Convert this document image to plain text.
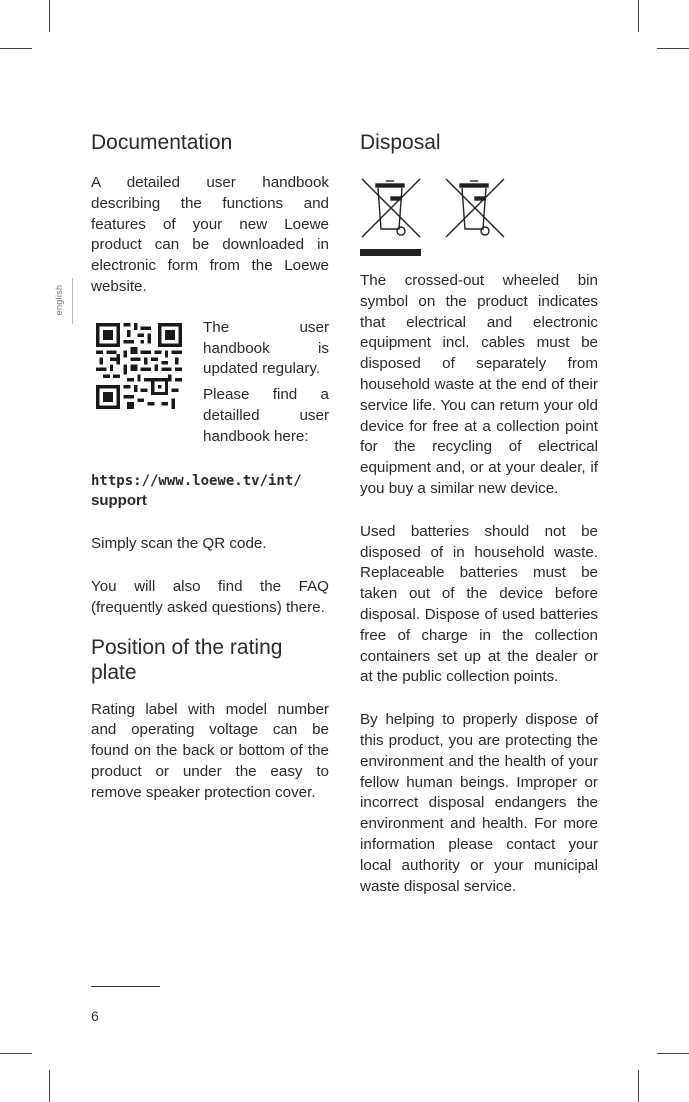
english
Documentation

A detailed user handbook describing the functions and features of your new Loewe product can be downloaded in electronic form from the Loewe website.

The user handbook is updated regulary.

Please find a detailled user handbook here:

https://www.loewe.tv/int/
support

Simply scan the QR code.

You will also find the FAQ (frequently asked questions) there.

Position of the rating plate

Rating label with model number and operating voltage can be found on the back or bottom of the product or under the easy to remove speaker protection cover.

Disposal

The crossed-out wheeled bin symbol on the product indicates that electrical and electronic equipment incl. cables must be disposed of separately from household waste at the end of their service life. You can return your old device for free at a collection point for the recycling of electrical equipment and, or at your dealer, if you buy a similar new device.

Used batteries should not be disposed of in household waste. Replaceable batteries must be taken out of the device before disposal. Dispose of used batteries free of charge in the collection containers set up at the dealer or at the public collection points.

By helping to properly dispose of this product, you are protecting the environment and the health of your fellow human beings. Improper or incorrect disposal endangers the environment and health. For more information please contact your local authority or your municipal waste disposal service.

6
